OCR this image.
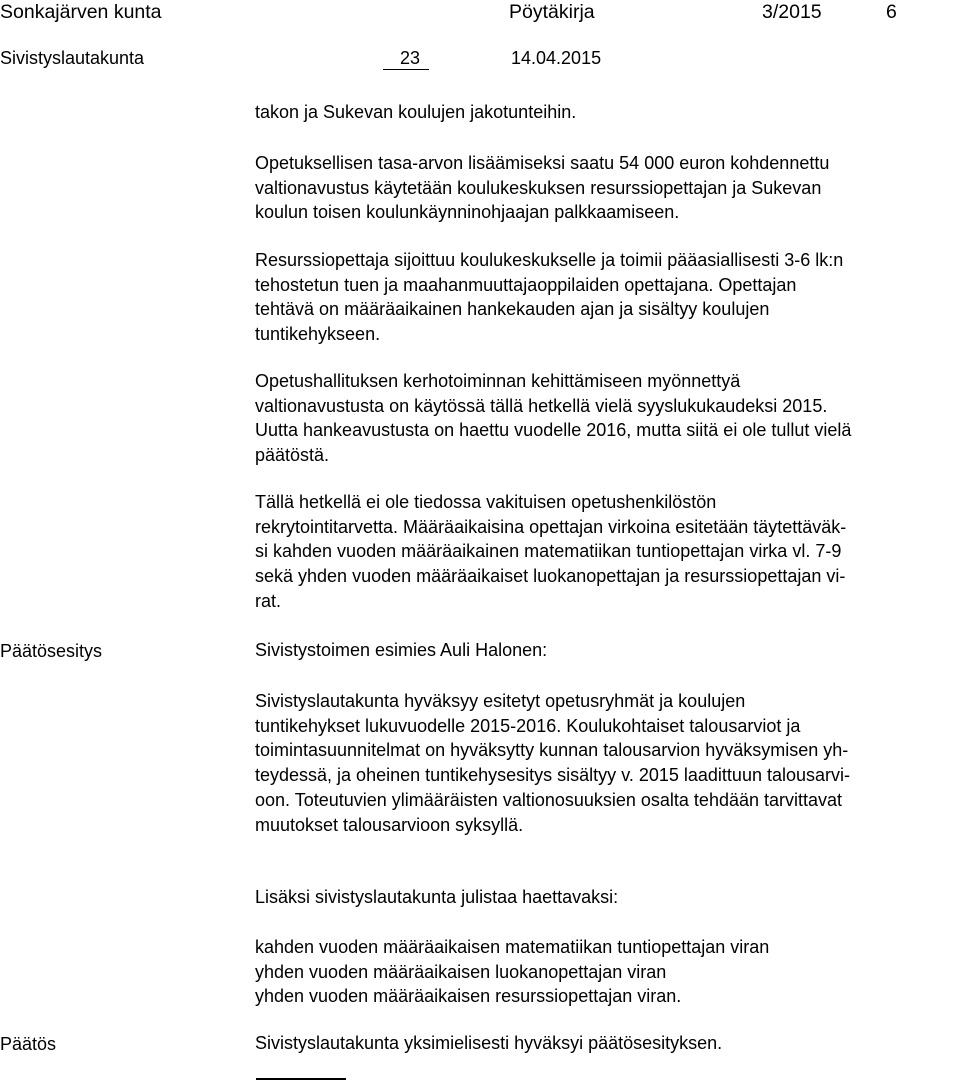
Sonkajärven kunta	Pöytäkirja	3/2015	6
Sivistyslautakunta	23	14.04.2015
takon ja Sukevan koulujen jakotunteihin.
Opetuksellisen tasa-arvon lisäämiseksi saatu 54 000 euron kohdennettu
valtionavustus käytetään koulukeskuksen resurssiopettajan ja Sukevan
koulun toisen koulunkäynninohjaajan palkkaamiseen.
Resurssiopettaja sijoittuu koulukeskukselle ja toimii pääasiallisesti 3-6 lk:n
tehostetun tuen ja maahanmuuttajaoppilaiden opettajana. Opettajan
tehtävä on määräaikainen hankekauden ajan ja sisältyy koulujen
tuntikehykseen.
Opetushallituksen kerhotoiminnan kehittämiseen myönnettyä
valtionavustusta on käytössä tällä hetkellä vielä syyslukukaudeksi 2015.
Uutta hankeavustusta on haettu vuodelle 2016, mutta siitä ei ole tullut vielä
päätöstä.
Tällä hetkellä ei ole tiedossa vakituisen opetushenkilöstön
rekrytointitarvetta. Määräaikaisina opettajan virkoina esitetään täytettäväk-
si kahden vuoden määräaikainen matematiikan tuntiopettajan virka vl. 7-9
sekä yhden vuoden määräaikaiset luokanopettajan ja resurssiopettajan vi-
rat.
Päätösesitys	Sivistystoimen esimies Auli Halonen:
Sivistyslautakunta hyväksyy esitetyt opetusryhmät ja koulujen
tuntikehykset lukuvuodelle 2015-2016. Koulukohtaiset talousarviot ja
toimintasuunnitelmat on hyväksytty kunnan talousarvion hyväksymisen yh-
teydessä, ja oheinen tuntikehysesitys sisältyy v. 2015 laadittuun talousarvi-
oon. Toteutuvien ylimääräisten valtionosuuksien osalta tehdään tarvittavat
muutokset talousarvioon syksyllä.
Lisäksi sivistyslautakunta julistaa haettavaksi:
kahden vuoden määräaikaisen matematiikan tuntiopettajan viran
yhden vuoden määräaikaisen luokanopettajan viran
yhden vuoden määräaikaisen resurssiopettajan viran.
Päätös	Sivistyslautakunta yksimielisesti hyväksyi päätösesityksen.
